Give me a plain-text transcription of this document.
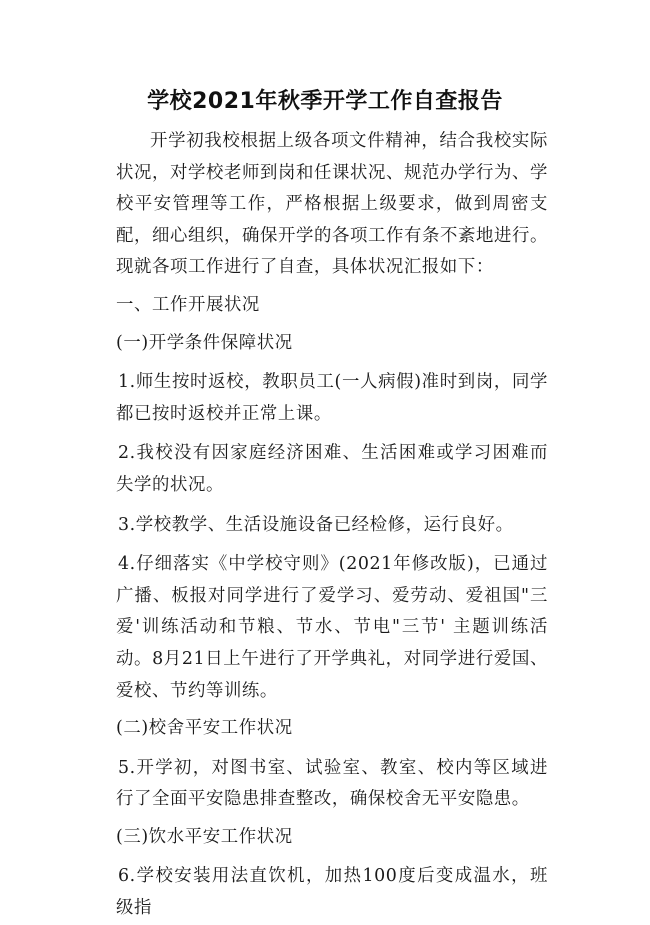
学校2021年秋季开学工作自查报告

开学初我校根据上级各项文件精神，结合我校实际状况，对学校老师到岗和任课状况、规范办学行为、学校平安管理等工作，严格根据上级要求，做到周密支配，细心组织，确保开学的各项工作有条不紊地进行。现就各项工作进行了自查，具体状况汇报如下：

一、工作开展状况

(一)开学条件保障状况

1.师生按时返校，教职员工(一人病假)准时到岗，同学都已按时返校并正常上课。

2.我校没有因家庭经济困难、生活困难或学习困难而失学的状况。

3.学校教学、生活设施设备已经检修，运行良好。

4.仔细落实《中学校守则》(2021年修改版)，已通过广播、板报对同学进行了爱学习、爱劳动、爱祖国"三爱'训练活动和节粮、节水、节电"三节' 主题训练活动。8月21日上午进行了开学典礼，对同学进行爱国、爱校、节约等训练。

(二)校舍平安工作状况

5.开学初，对图书室、试验室、教室、校内等区域进行了全面平安隐患排查整改，确保校舍无平安隐患。

(三)饮水平安工作状况

6.学校安装用法直饮机，加热100度后变成温水，班级指
